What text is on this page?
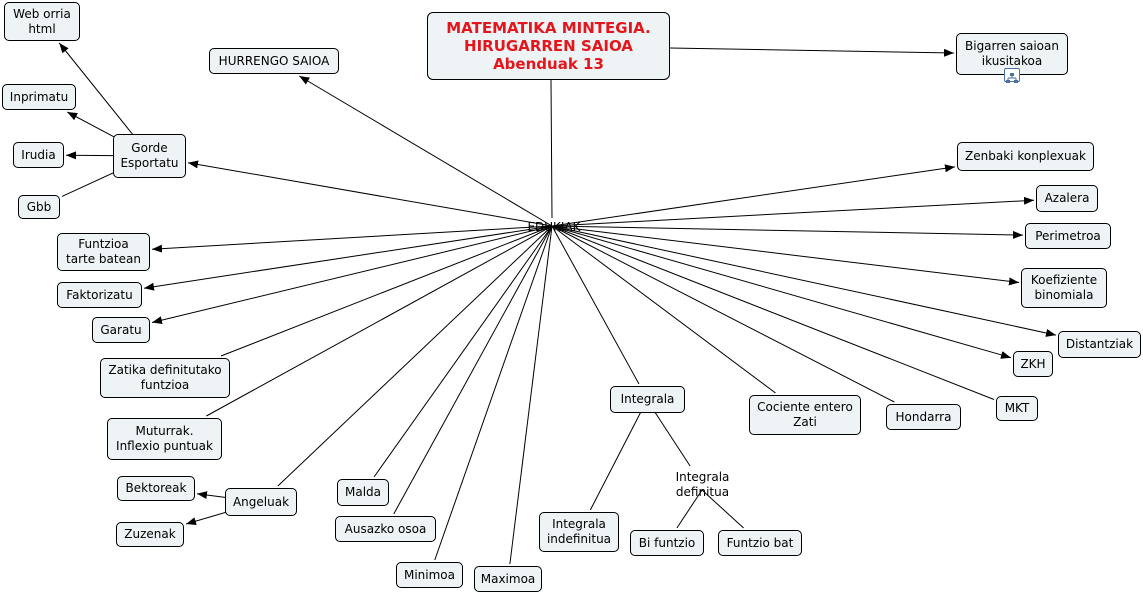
MATEMATIKA MINTEGIA.
HIRUGARREN SAIOA
Abenduak 13
EDUKIAK
Bigarren saioan
ikusitakoa
HURRENGO SAIOA
Gorde
Esportatu
Web orria
html
Inprimatu
Irudia
Gbb
Funtzioa
tarte batean
Faktorizatu
Garatu
Zatika definitutako
funtzioa
Muturrak.
Inflexio puntuak
Angeluak
Bektoreak
Zuzenak
Malda
Ausazko osoa
Minimoa Maximoa
Integrala
Integrala
indefinitua
Integrala
definitua
Bi funtzio	Funtzio bat
Cociente entero
Zati	Hondarra
MKT
ZKH
Distantziak
Koefiziente
binomiala
Perimetroa
Azalera
Zenbaki konplexuak
